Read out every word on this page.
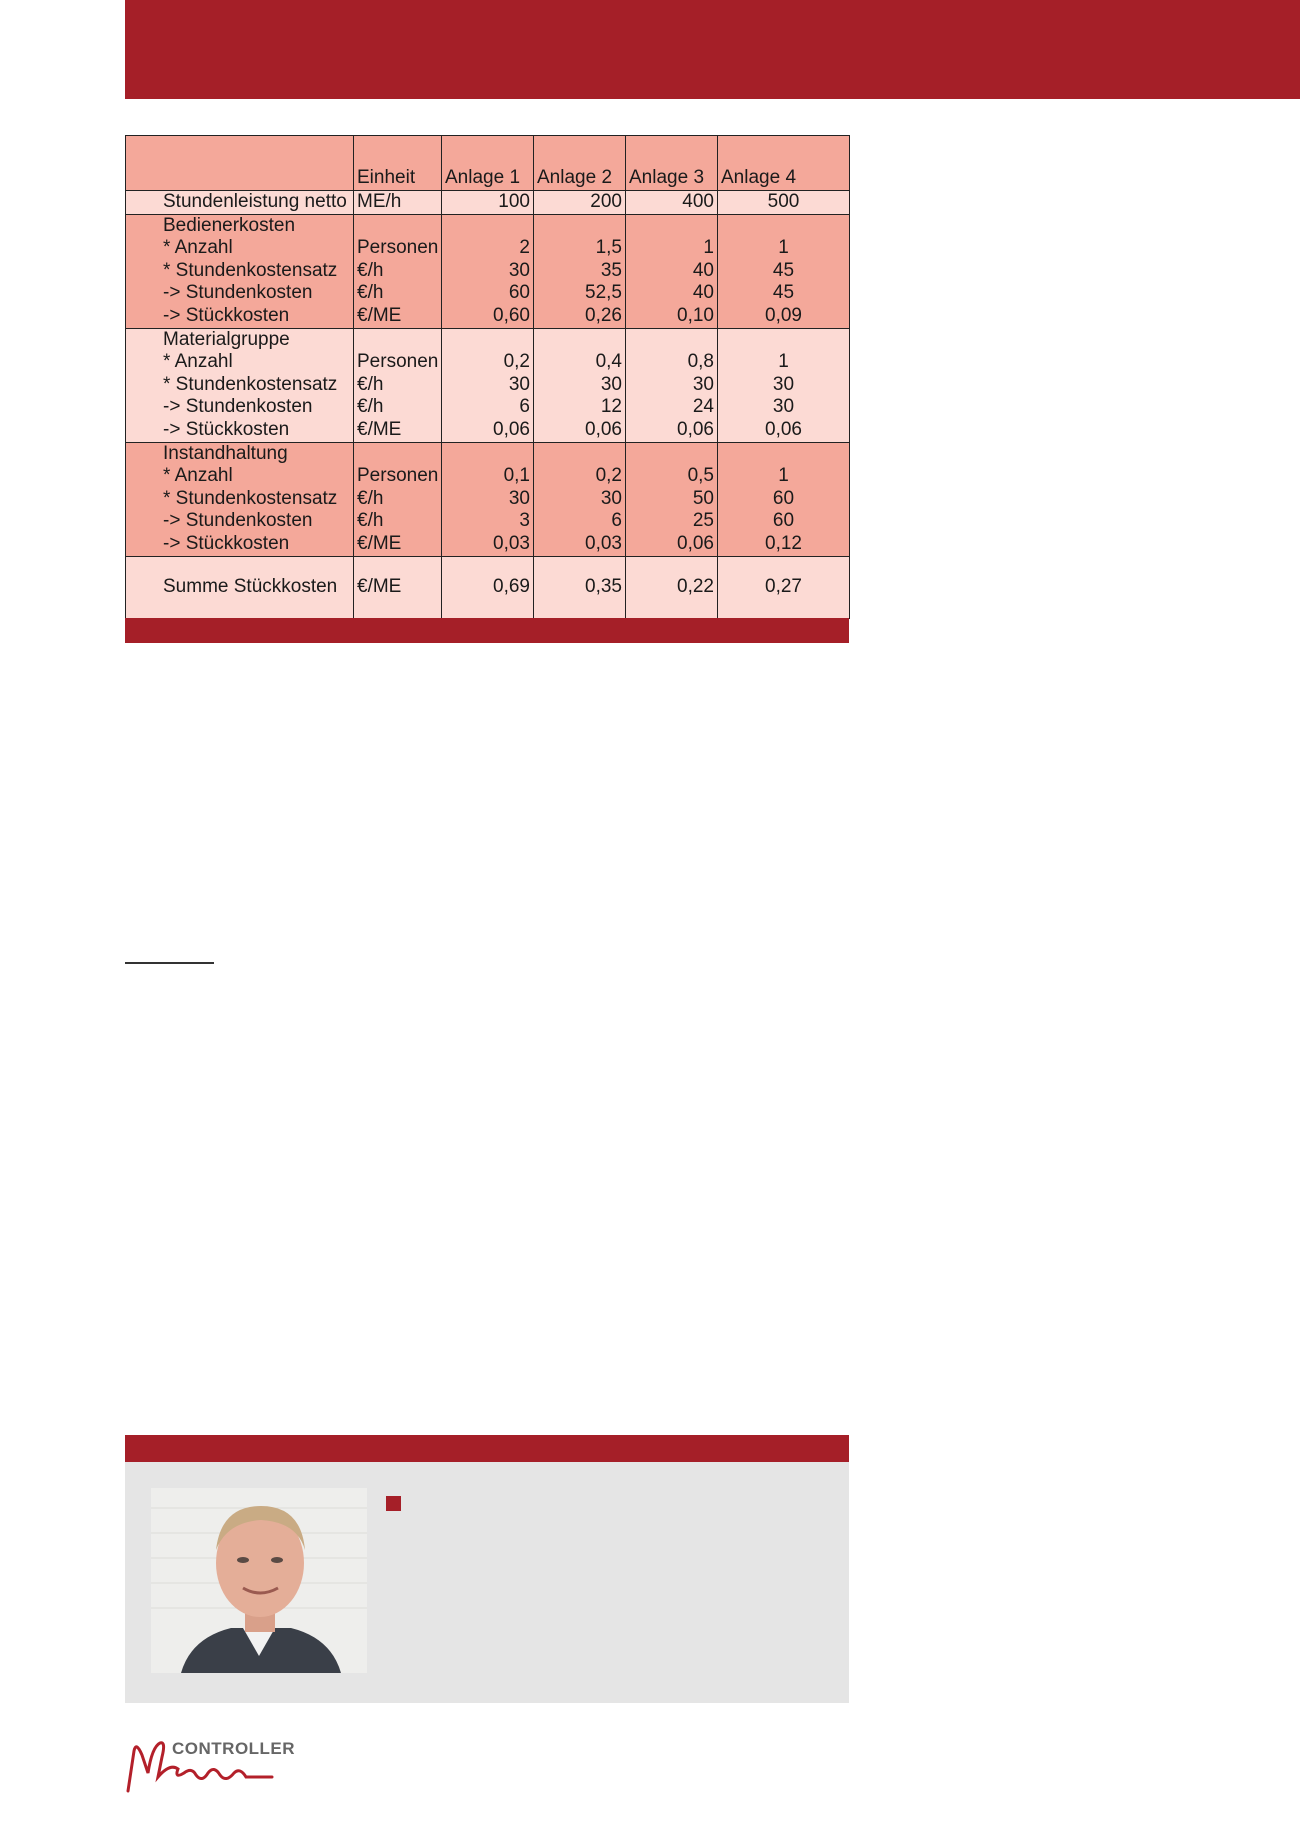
	Einheit	Anlage 1	Anlage 2	Anlage 3	Anlage 4
Stundenleistung netto	ME/h	100	200	400	500
Bedienerkosten					
* Anzahl	Personen	2	1,5	1	1
* Stundenkostensatz	€/h	30	35	40	45
-> Stundenkosten	€/h	60	52,5	40	45
-> Stückkosten	€/ME	0,60	0,26	0,10	0,09
Materialgruppe					
* Anzahl	Personen	0,2	0,4	0,8	1
* Stundenkostensatz	€/h	30	30	30	30
-> Stundenkosten	€/h	6	12	24	30
-> Stückkosten	€/ME	0,06	0,06	0,06	0,06
Instandhaltung					
* Anzahl	Personen	0,1	0,2	0,5	1
* Stundenkostensatz	€/h	30	30	50	60
-> Stundenkosten	€/h	3	6	25	60
-> Stückkosten	€/ME	0,03	0,03	0,06	0,12
Summe Stückkosten	€/ME	0,69	0,35	0,22	0,27
CONTROLLER
